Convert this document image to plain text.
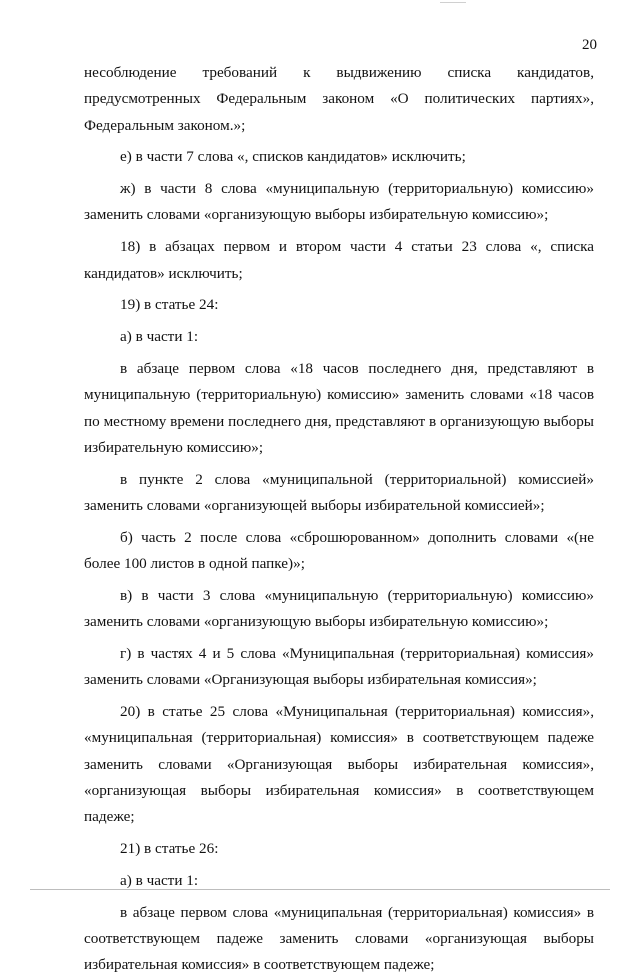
20

несоблюдение требований к выдвижению списка кандидатов, предусмотренных Федеральным законом «О политических партиях», Федеральным законом.»;

е) в части 7 слова «, списков кандидатов» исключить;

ж) в части 8 слова «муниципальную (территориальную) комиссию» заменить словами «организующую выборы избирательную комиссию»;

18) в абзацах первом и втором части 4 статьи 23 слова «, списка кандидатов» исключить;

19) в статье 24:

а) в части 1:

в абзаце первом слова «18 часов последнего дня, представляют в муниципальную (территориальную) комиссию» заменить словами «18 часов по местному времени последнего дня, представляют в организующую выборы избирательную комиссию»;

в пункте 2 слова «муниципальной (территориальной) комиссией» заменить словами «организующей выборы избирательной комиссией»;

б) часть 2 после слова «сброшюрованном» дополнить словами «(не более 100 листов в одной папке)»;

в) в части 3 слова «муниципальную (территориальную) комиссию» заменить словами «организующую выборы избирательную комиссию»;

г) в частях 4 и 5 слова «Муниципальная (территориальная) комиссия» заменить словами «Организующая выборы избирательная комиссия»;

20) в статье 25 слова «Муниципальная (территориальная) комиссия», «муниципальная (территориальная) комиссия» в соответствующем падеже заменить словами «Организующая выборы избирательная комиссия», «организующая выборы избирательная комиссия» в соответствующем падеже;

21) в статье 26:

а) в части 1:

в абзаце первом слова «муниципальная (территориальная) комиссия» в соответствующем падеже заменить словами «организующая выборы избирательная комиссия» в соответствующем падеже;
